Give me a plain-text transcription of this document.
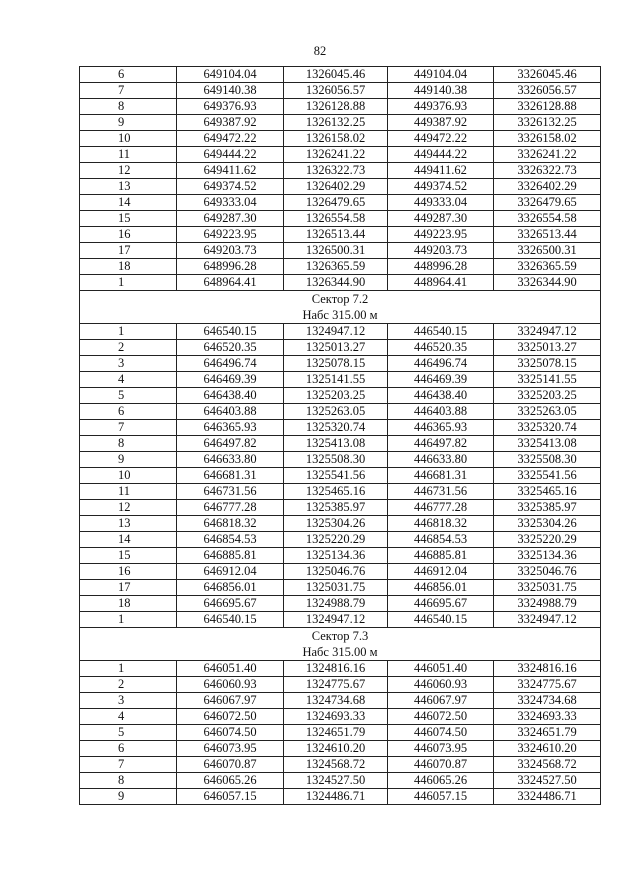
82
6	649104.04	1326045.46	449104.04	3326045.46
7	649140.38	1326056.57	449140.38	3326056.57
8	649376.93	1326128.88	449376.93	3326128.88
9	649387.92	1326132.25	449387.92	3326132.25
10	649472.22	1326158.02	449472.22	3326158.02
11	649444.22	1326241.22	449444.22	3326241.22
12	649411.62	1326322.73	449411.62	3326322.73
13	649374.52	1326402.29	449374.52	3326402.29
14	649333.04	1326479.65	449333.04	3326479.65
15	649287.30	1326554.58	449287.30	3326554.58
16	649223.95	1326513.44	449223.95	3326513.44
17	649203.73	1326500.31	449203.73	3326500.31
18	648996.28	1326365.59	448996.28	3326365.59
1	648964.41	1326344.90	448964.41	3326344.90

Сектор 7.2
Набс 315.00 м				

1	646540.15	1324947.12	446540.15	3324947.12
2	646520.35	1325013.27	446520.35	3325013.27
3	646496.74	1325078.15	446496.74	3325078.15
4	646469.39	1325141.55	446469.39	3325141.55
5	646438.40	1325203.25	446438.40	3325203.25
6	646403.88	1325263.05	446403.88	3325263.05
7	646365.93	1325320.74	446365.93	3325320.74
8	646497.82	1325413.08	446497.82	3325413.08
9	646633.80	1325508.30	446633.80	3325508.30
10	646681.31	1325541.56	446681.31	3325541.56
11	646731.56	1325465.16	446731.56	3325465.16
12	646777.28	1325385.97	446777.28	3325385.97
13	646818.32	1325304.26	446818.32	3325304.26
14	646854.53	1325220.29	446854.53	3325220.29
15	646885.81	1325134.36	446885.81	3325134.36
16	646912.04	1325046.76	446912.04	3325046.76
17	646856.01	1325031.75	446856.01	3325031.75
18	646695.67	1324988.79	446695.67	3324988.79
1	646540.15	1324947.12	446540.15	3324947.12

Сектор 7.3
Набс 315.00 м				

1	646051.40	1324816.16	446051.40	3324816.16
2	646060.93	1324775.67	446060.93	3324775.67
3	646067.97	1324734.68	446067.97	3324734.68
4	646072.50	1324693.33	446072.50	3324693.33
5	646074.50	1324651.79	446074.50	3324651.79
6	646073.95	1324610.20	446073.95	3324610.20
7	646070.87	1324568.72	446070.87	3324568.72
8	646065.26	1324527.50	446065.26	3324527.50
9	646057.15	1324486.71	446057.15	3324486.71
